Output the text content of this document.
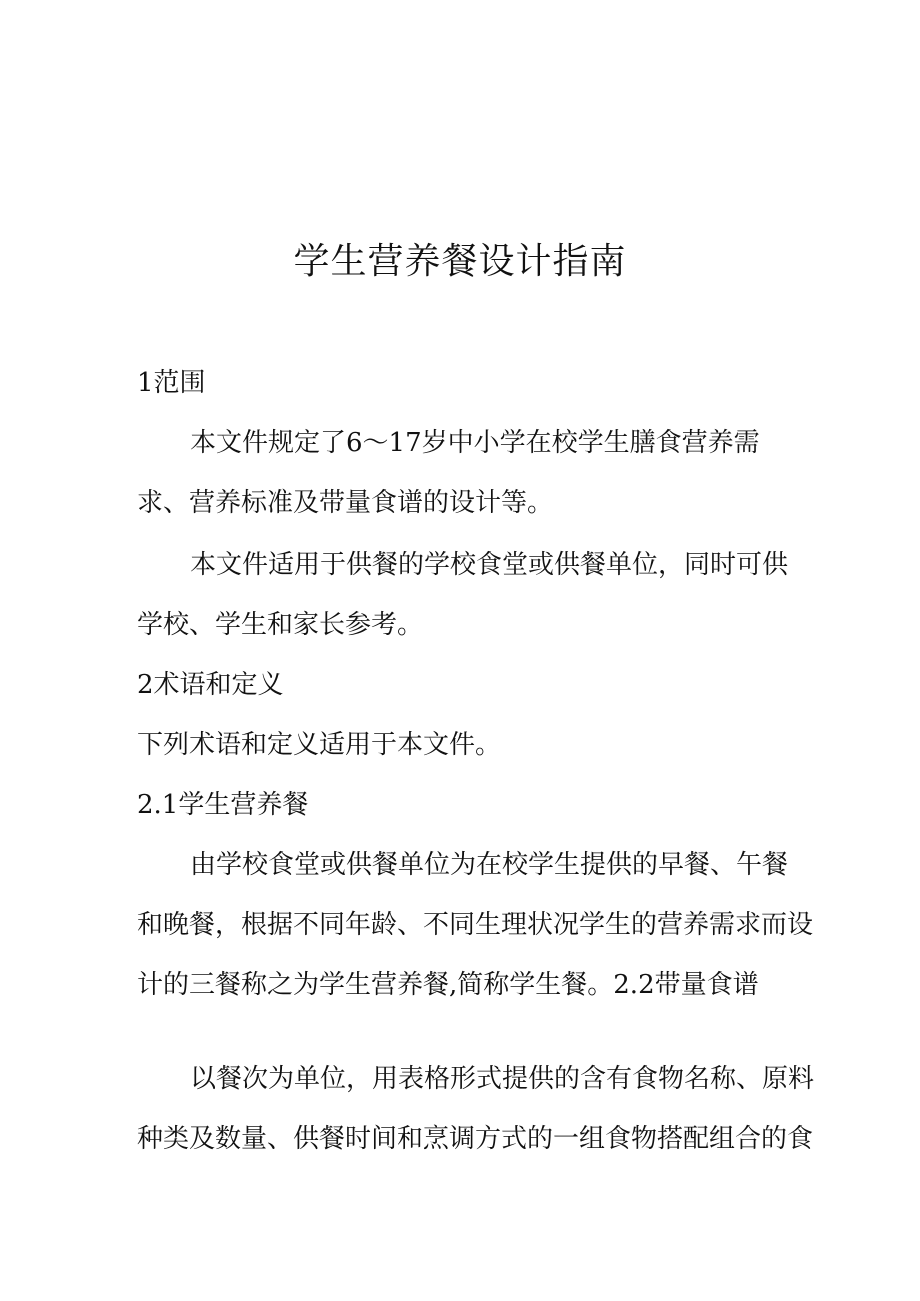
学生营养餐设计指南
1范围
本文件规定了6～17岁中小学在校学生膳食营养需
求、营养标准及带量食谱的设计等。
本文件适用于供餐的学校食堂或供餐单位，同时可供
学校、学生和家长参考。
2术语和定义
下列术语和定义适用于本文件。
2.1学生营养餐
由学校食堂或供餐单位为在校学生提供的早餐、午餐
和晚餐，根据不同年龄、不同生理状况学生的营养需求而设
计的三餐称之为学生营养餐,简称学生餐。2.2带量食谱
以餐次为单位，用表格形式提供的含有食物名称、原料
种类及数量、供餐时间和烹调方式的一组食物搭配组合的食
